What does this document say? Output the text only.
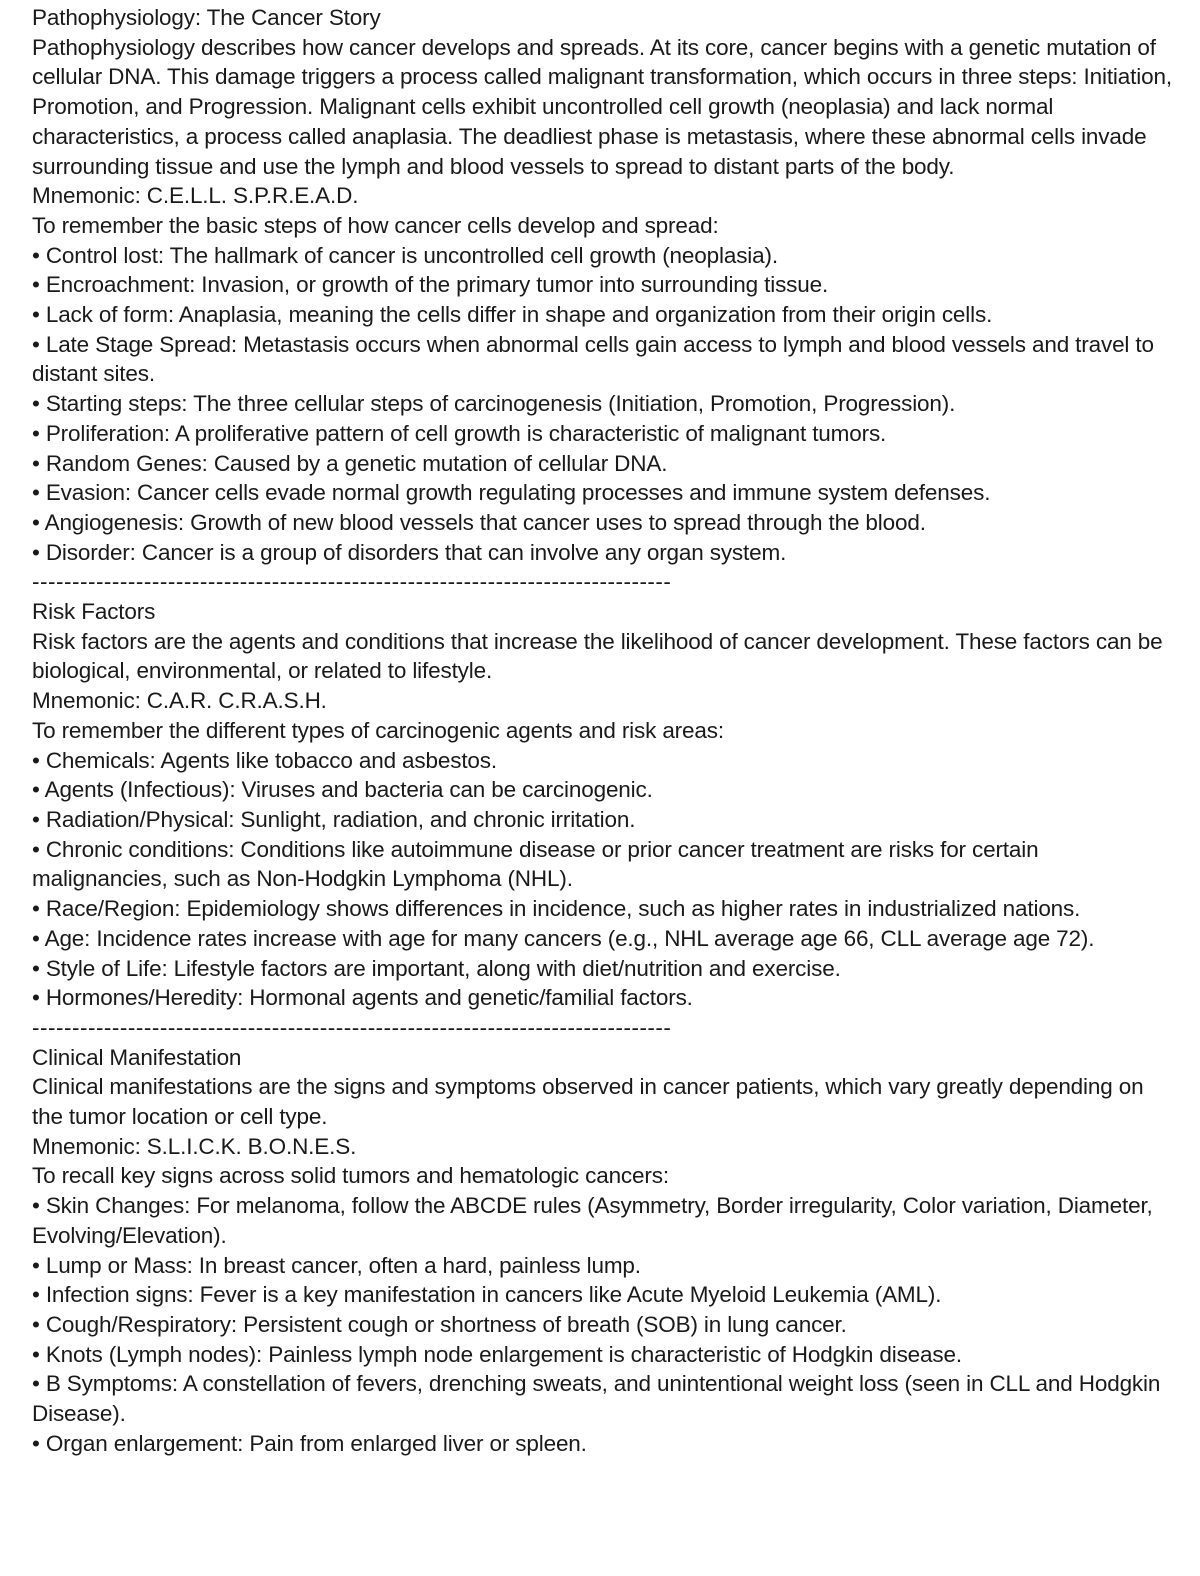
Pathophysiology: The Cancer Story
Pathophysiology describes how cancer develops and spreads. At its core, cancer begins with a genetic mutation of cellular DNA. This damage triggers a process called malignant transformation, which occurs in three steps: Initiation, Promotion, and Progression. Malignant cells exhibit uncontrolled cell growth (neoplasia) and lack normal characteristics, a process called anaplasia. The deadliest phase is metastasis, where these abnormal cells invade surrounding tissue and use the lymph and blood vessels to spread to distant parts of the body.
Mnemonic: C.E.L.L. S.P.R.E.A.D.
To remember the basic steps of how cancer cells develop and spread:
• Control lost: The hallmark of cancer is uncontrolled cell growth (neoplasia).
• Encroachment: Invasion, or growth of the primary tumor into surrounding tissue.
• Lack of form: Anaplasia, meaning the cells differ in shape and organization from their origin cells.
• Late Stage Spread: Metastasis occurs when abnormal cells gain access to lymph and blood vessels and travel to distant sites.
• Starting steps: The three cellular steps of carcinogenesis (Initiation, Promotion, Progression).
• Proliferation: A proliferative pattern of cell growth is characteristic of malignant tumors.
• Random Genes: Caused by a genetic mutation of cellular DNA.
• Evasion: Cancer cells evade normal growth regulating processes and immune system defenses.
• Angiogenesis: Growth of new blood vessels that cancer uses to spread through the blood.
• Disorder: Cancer is a group of disorders that can involve any organ system.
--------------------------------------------------------------------------------
Risk Factors
Risk factors are the agents and conditions that increase the likelihood of cancer development. These factors can be biological, environmental, or related to lifestyle.
Mnemonic: C.A.R. C.R.A.S.H.
To remember the different types of carcinogenic agents and risk areas:
• Chemicals: Agents like tobacco and asbestos.
• Agents (Infectious): Viruses and bacteria can be carcinogenic.
• Radiation/Physical: Sunlight, radiation, and chronic irritation.
• Chronic conditions: Conditions like autoimmune disease or prior cancer treatment are risks for certain malignancies, such as Non-Hodgkin Lymphoma (NHL).
• Race/Region: Epidemiology shows differences in incidence, such as higher rates in industrialized nations.
• Age: Incidence rates increase with age for many cancers (e.g., NHL average age 66, CLL average age 72).
• Style of Life: Lifestyle factors are important, along with diet/nutrition and exercise.
• Hormones/Heredity: Hormonal agents and genetic/familial factors.
--------------------------------------------------------------------------------
Clinical Manifestation
Clinical manifestations are the signs and symptoms observed in cancer patients, which vary greatly depending on the tumor location or cell type.
Mnemonic: S.L.I.C.K. B.O.N.E.S.
To recall key signs across solid tumors and hematologic cancers:
• Skin Changes: For melanoma, follow the ABCDE rules (Asymmetry, Border irregularity, Color variation, Diameter, Evolving/Elevation).
• Lump or Mass: In breast cancer, often a hard, painless lump.
• Infection signs: Fever is a key manifestation in cancers like Acute Myeloid Leukemia (AML).
• Cough/Respiratory: Persistent cough or shortness of breath (SOB) in lung cancer.
• Knots (Lymph nodes): Painless lymph node enlargement is characteristic of Hodgkin disease.
• B Symptoms: A constellation of fevers, drenching sweats, and unintentional weight loss (seen in CLL and Hodgkin Disease).
• Organ enlargement: Pain from enlarged liver or spleen.
